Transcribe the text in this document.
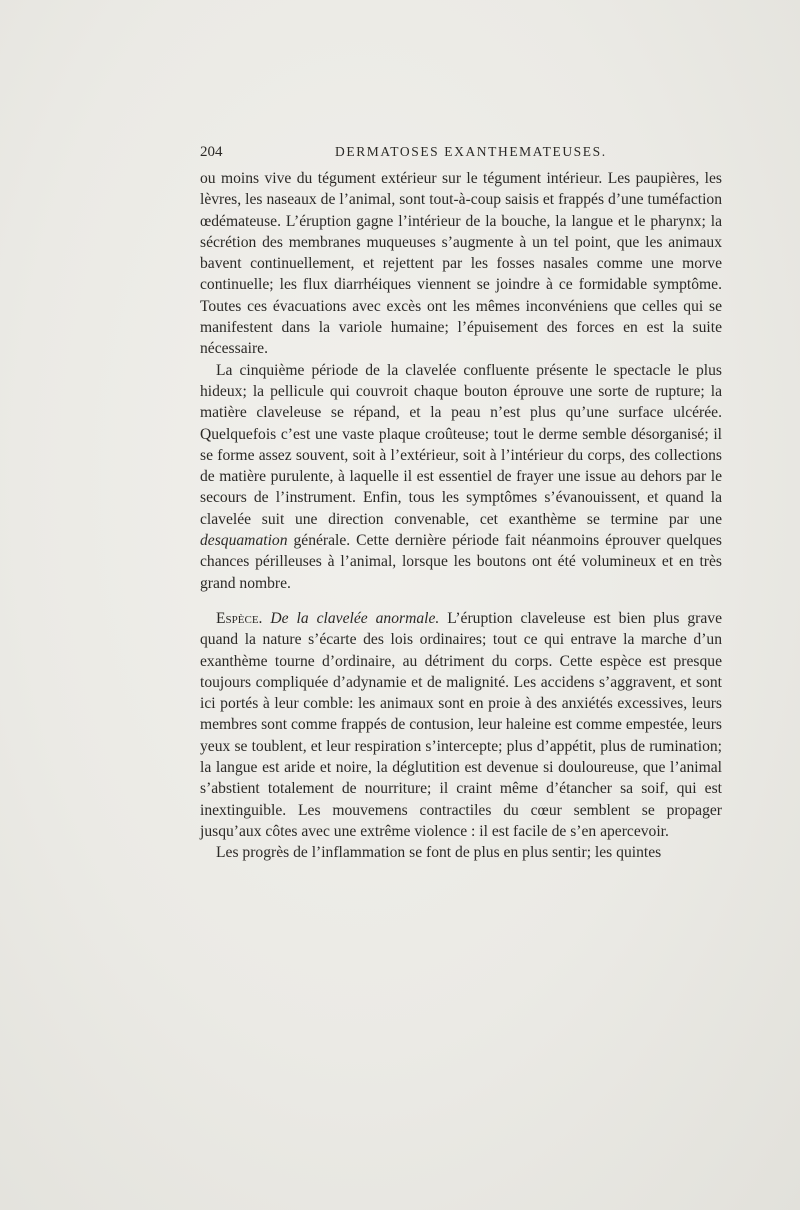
204	DERMATOSES EXANTHEMATEUSES.

ou moins vive du tégument extérieur sur le tégument intérieur. Les paupières, les lèvres, les naseaux de l’animal, sont tout-à-coup saisis et frappés d’une tuméfaction œdémateuse. L’éruption gagne l’intérieur de la bouche, la langue et le pharynx; la sécrétion des membranes muqueuses s’augmente à un tel point, que les animaux bavent continuellement, et rejettent par les fosses nasales comme une morve continuelle; les flux diarrhéiques viennent se joindre à ce formidable symptôme. Toutes ces évacuations avec excès ont les mêmes inconvéniens que celles qui se manifestent dans la variole humaine; l’épuisement des forces en est la suite nécessaire.

La cinquième période de la clavelée confluente présente le spectacle le plus hideux; la pellicule qui couvroit chaque bouton éprouve une sorte de rupture; la matière claveleuse se répand, et la peau n’est plus qu’une surface ulcérée. Quelquefois c’est une vaste plaque croûteuse; tout le derme semble désorganisé; il se forme assez souvent, soit à l’extérieur, soit à l’intérieur du corps, des collections de matière purulente, à laquelle il est essentiel de frayer une issue au dehors par le secours de l’instrument. Enfin, tous les symptômes s’évanouissent, et quand la clavelée suit une direction convenable, cet exanthème se termine par une desquamation générale. Cette dernière période fait néanmoins éprouver quelques chances périlleuses à l’animal, lorsque les boutons ont été volumineux et en très grand nombre.

Espèce. De la clavelée anormale. L’éruption claveleuse est bien plus grave quand la nature s’écarte des lois ordinaires; tout ce qui entrave la marche d’un exanthème tourne d’ordinaire, au détriment du corps. Cette espèce est presque toujours compliquée d’adynamie et de malignité. Les accidens s’aggravent, et sont ici portés à leur comble: les animaux sont en proie à des anxiétés excessives, leurs membres sont comme frappés de contusion, leur haleine est comme empestée, leurs yeux se toublent, et leur respiration s’intercepte; plus d’appétit, plus de rumination; la langue est aride et noire, la déglutition est devenue si douloureuse, que l’animal s’abstient totalement de nourriture; il craint même d’étancher sa soif, qui est inextinguible. Les mouvemens contractiles du cœur semblent se propager jusqu’aux côtes avec une extrême violence : il est facile de s’en apercevoir.

Les progrès de l’inflammation se font de plus en plus sentir; les quintes
